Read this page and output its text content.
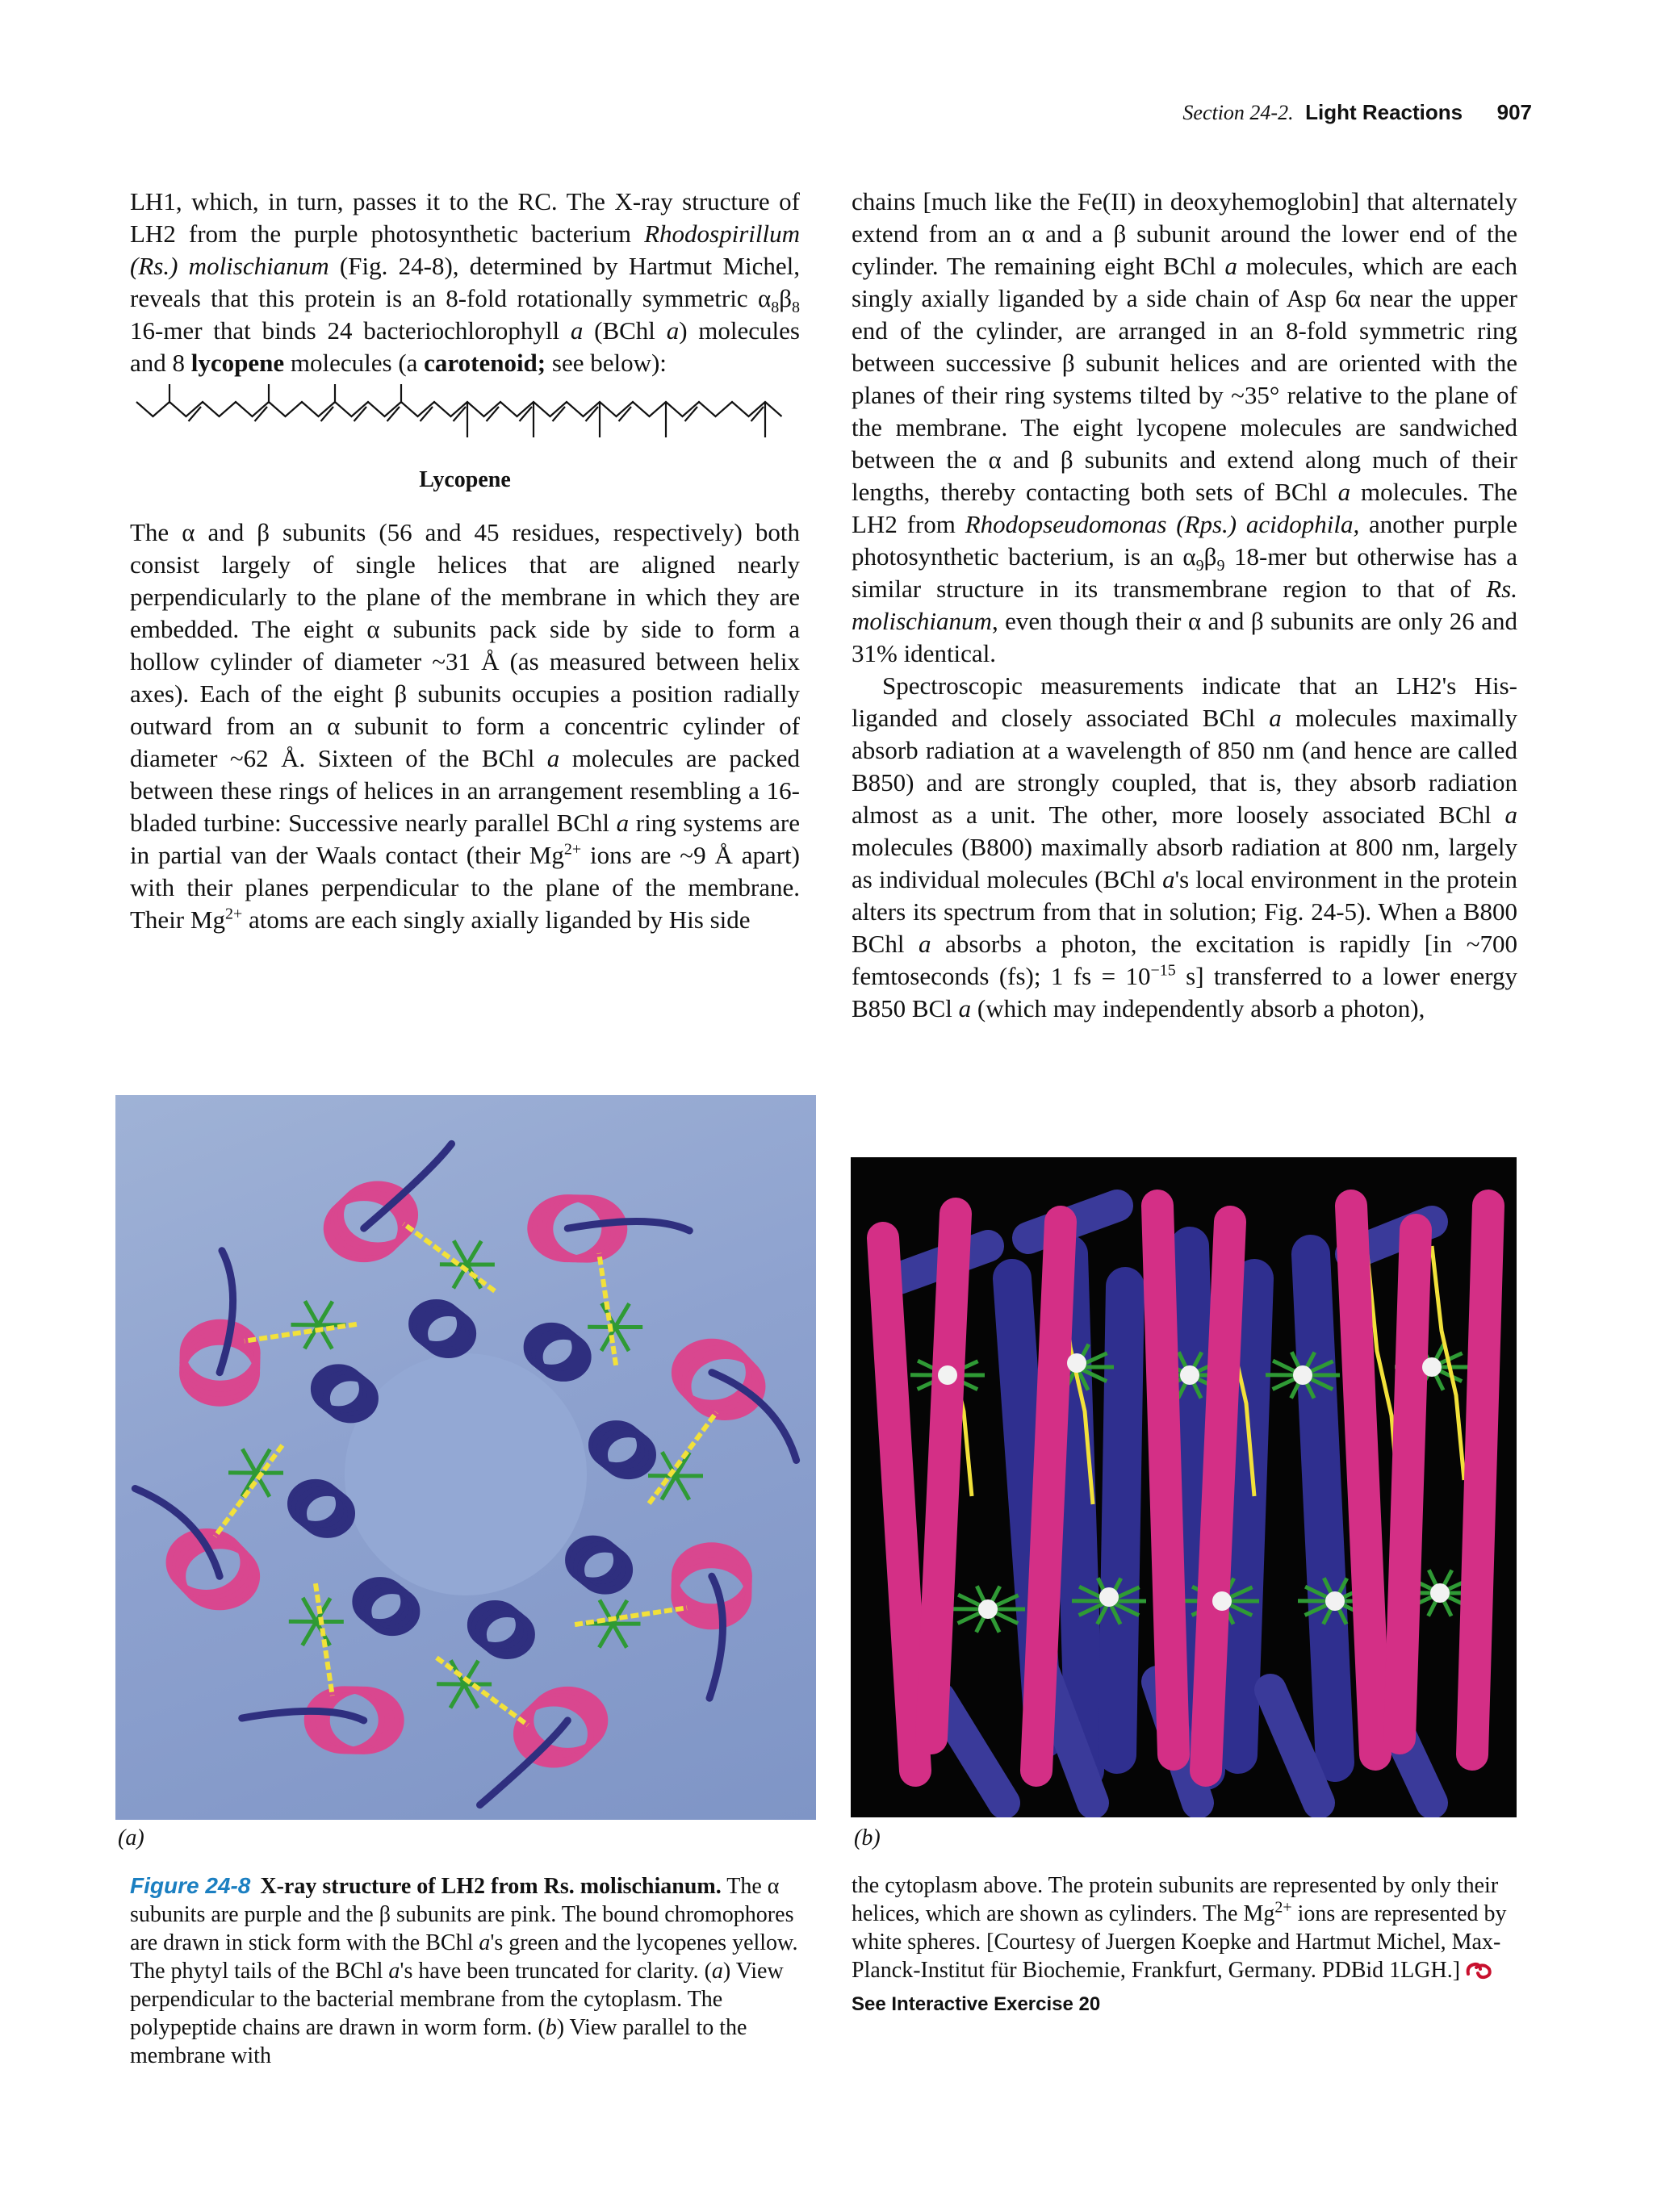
Section 24-2. Light Reactions 907

LH1, which, in turn, passes it to the RC. The X-ray structure of LH2 from the purple photosynthetic bacterium Rhodospirillum (Rs.) molischianum (Fig. 24-8), determined by Hartmut Michel, reveals that this protein is an 8-fold rotationally symmetric $\alpha_8\beta_8$ 16-mer that binds 24 bacteriochlorophyll a (BChl a) molecules and 8 lycopene molecules (a carotenoid; see below):

Lycopene

The α and β subunits (56 and 45 residues, respectively) both consist largely of single helices that are aligned nearly perpendicularly to the plane of the membrane in which they are embedded. The eight α subunits pack side by side to form a hollow cylinder of diameter ~31 Å (as measured between helix axes). Each of the eight β subunits occupies a position radially outward from an α subunit to form a concentric cylinder of diameter ~62 Å. Sixteen of the BChl a molecules are packed between these rings of helices in an arrangement resembling a 16-bladed turbine: Successive nearly parallel BChl a ring systems are in partial van der Waals contact (their $Mg^{2+}$ ions are ~9 Å apart) with their planes perpendicular to the plane of the membrane. Their $Mg^{2+}$ atoms are each singly axially liganded by His side

chains [much like the Fe(II) in deoxyhemoglobin] that alternately extend from an α and a β subunit around the lower end of the cylinder. The remaining eight BChl a molecules, which are each singly axially liganded by a side chain of Asp 6α near the upper end of the cylinder, are arranged in an 8-fold symmetric ring between successive β subunit helices and are oriented with the planes of their ring systems tilted by ~35° relative to the plane of the membrane. The eight lycopene molecules are sandwiched between the α and β subunits and extend along much of their lengths, thereby contacting both sets of BChl a molecules. The LH2 from Rhodopseudomonas (Rps.) acidophila, another purple photosynthetic bacterium, is an $\alpha_9\beta_9$ 18-mer but otherwise has a similar structure in its transmembrane region to that of Rs. molischianum, even though their α and β subunits are only 26 and 31% identical.

Spectroscopic measurements indicate that an LH2's His-liganded and closely associated BChl a molecules maximally absorb radiation at a wavelength of 850 nm (and hence are called B850) and are strongly coupled, that is, they absorb radiation almost as a unit. The other, more loosely associated BChl a molecules (B800) maximally absorb radiation at 800 nm, largely as individual molecules (BChl a's local environment in the protein alters its spectrum from that in solution; Fig. 24-5). When a B800 BChl a absorbs a photon, the excitation is rapidly [in ~700 femtoseconds (fs); 1 fs = $10^{-15}$ s] transferred to a lower energy B850 BCl a (which may independently absorb a photon),

(a)	(b)
Figure 24-8 X-ray structure of LH2 from Rs. molischianum. The α subunits are purple and the β subunits are pink. The bound chromophores are drawn in stick form with the BChl a's green and the lycopenes yellow. The phytyl tails of the BChl a's have been truncated for clarity. (a) View perpendicular to the bacterial membrane from the cytoplasm. The polypeptide chains are drawn in worm form. (b) View parallel to the membrane with
the cytoplasm above. The protein subunits are represented by only their helices, which are shown as cylinders. The $Mg^{2+}$ ions are represented by white spheres. [Courtesy of Juergen Koepke and Hartmut Michel, Max-Planck-Institut für Biochemie, Frankfurt, Germany. PDBid 1LGH.]See Interactive Exercise 20
